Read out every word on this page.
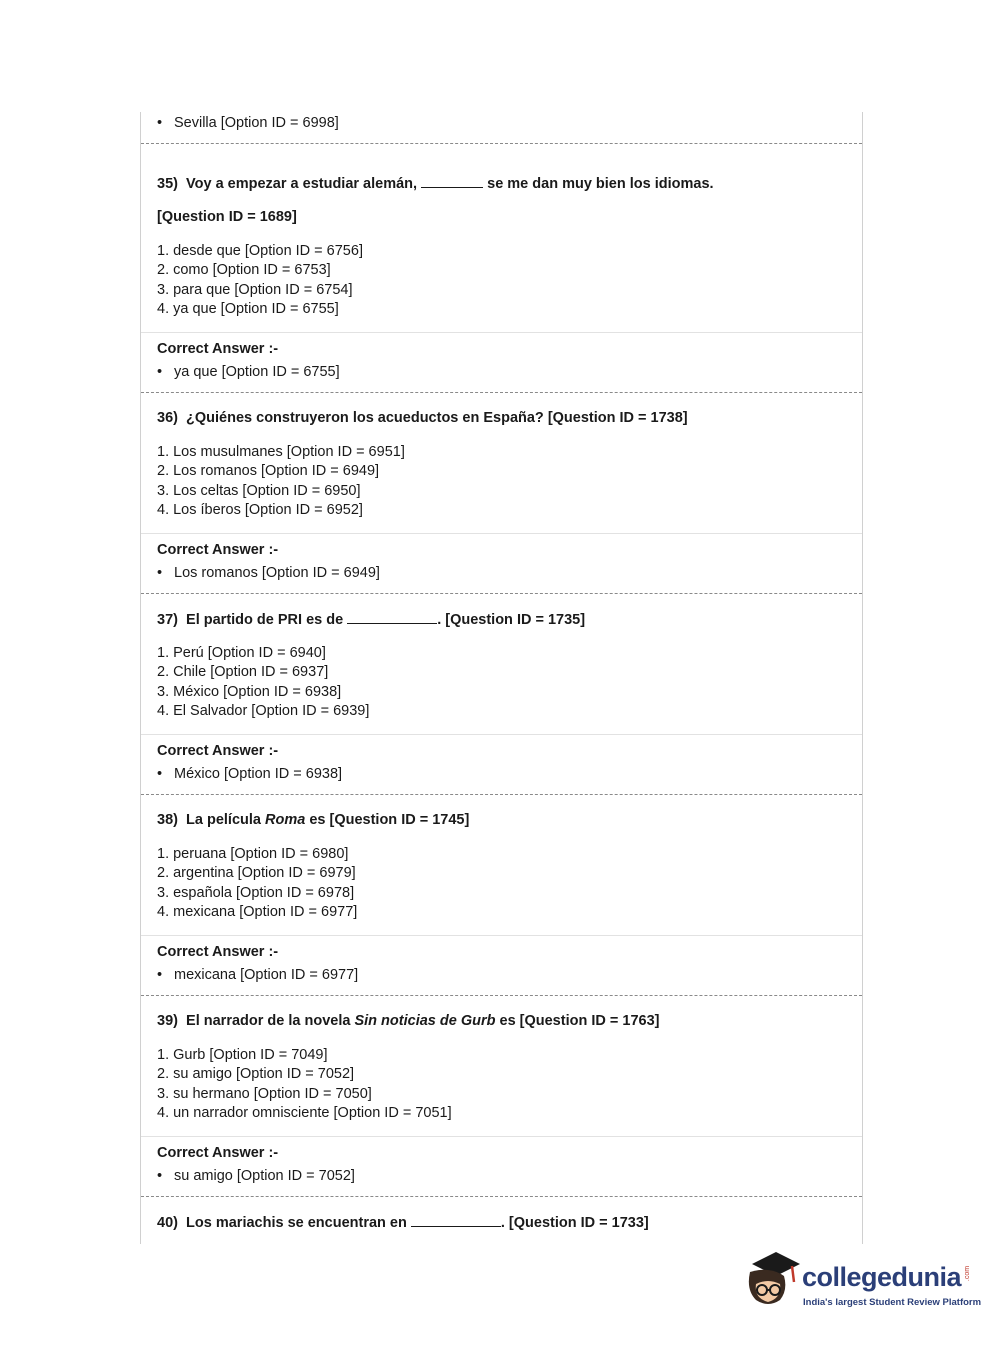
• Sevilla [Option ID = 6998]
35) Voy a empezar a estudiar alemán,	se me dan muy bien los idiomas.
[Question ID = 1689]
1. desde que [Option ID = 6756]
2. como [Option ID = 6753]
3. para que [Option ID = 6754]
4. ya que [Option ID = 6755]
Correct Answer :-
• ya que [Option ID = 6755]
36) ¿Quiénes construyeron los acueductos en España? [Question ID = 1738]
1. Los musulmanes [Option ID = 6951]
2. Los romanos [Option ID = 6949]
3. Los celtas [Option ID = 6950]
4. Los íberos [Option ID = 6952]
Correct Answer :-
• Los romanos [Option ID = 6949]
37) El partido de PRI es de	. [Question ID = 1735]
1. Perú [Option ID = 6940]
2. Chile [Option ID = 6937]
3. México [Option ID = 6938]
4. El Salvador [Option ID = 6939]
Correct Answer :-
• México [Option ID = 6938]
38) La película Roma es [Question ID = 1745]
1. peruana [Option ID = 6980]
2. argentina [Option ID = 6979]
3. española [Option ID = 6978]
4. mexicana [Option ID = 6977]
Correct Answer :-
• mexicana [Option ID = 6977]
39) El narrador de la novela Sin noticias de Gurb es [Question ID = 1763]
1. Gurb [Option ID = 7049]
2. su amigo [Option ID = 7052]
3. su hermano [Option ID = 7050]
4. un narrador omnisciente [Option ID = 7051]
Correct Answer :-
• su amigo [Option ID = 7052]
40) Los mariachis se encuentran en	. [Question ID = 1733]
collegedunia .com
India's largest Student Review Platform
